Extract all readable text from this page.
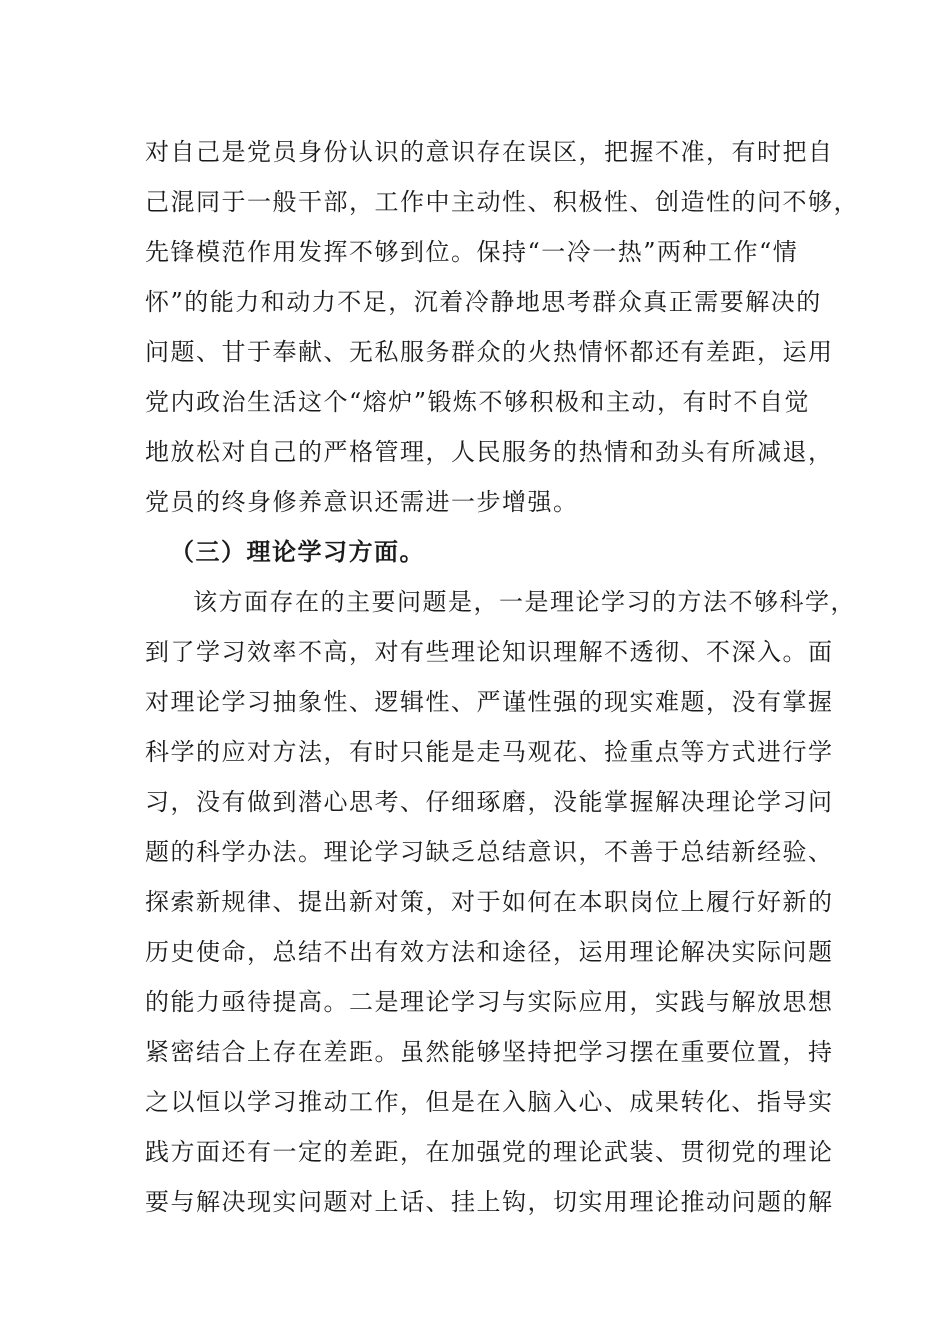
对自己是党员身份认识的意识存在误区，把握不准，有时把自
己混同于一般干部，工作中主动性、积极性、创造性的问不够，
先锋模范作用发挥不够到位。保持“一冷一热”两种工作“情
怀”的能力和动力不足，沉着冷静地思考群众真正需要解决的
问题、甘于奉献、无私服务群众的火热情怀都还有差距，运用
党内政治生活这个“熔炉”锻炼不够积极和主动，有时不自觉
地放松对自己的严格管理，人民服务的热情和劲头有所减退，
党员的终身修养意识还需进一步增强。
（三）理论学习方面。
该方面存在的主要问题是，一是理论学习的方法不够科学，
到了学习效率不高，对有些理论知识理解不透彻、不深入。面
对理论学习抽象性、逻辑性、严谨性强的现实难题，没有掌握
科学的应对方法，有时只能是走马观花、捡重点等方式进行学
习，没有做到潜心思考、仔细琢磨，没能掌握解决理论学习问
题的科学办法。理论学习缺乏总结意识，不善于总结新经验、
探索新规律、提出新对策，对于如何在本职岗位上履行好新的
历史使命，总结不出有效方法和途径，运用理论解决实际问题
的能力亟待提高。二是理论学习与实际应用，实践与解放思想
紧密结合上存在差距。虽然能够坚持把学习摆在重要位置，持
之以恒以学习推动工作，但是在入脑入心、成果转化、指导实
践方面还有一定的差距，在加强党的理论武装、贯彻党的理论
要与解决现实问题对上话、挂上钩，切实用理论推动问题的解
